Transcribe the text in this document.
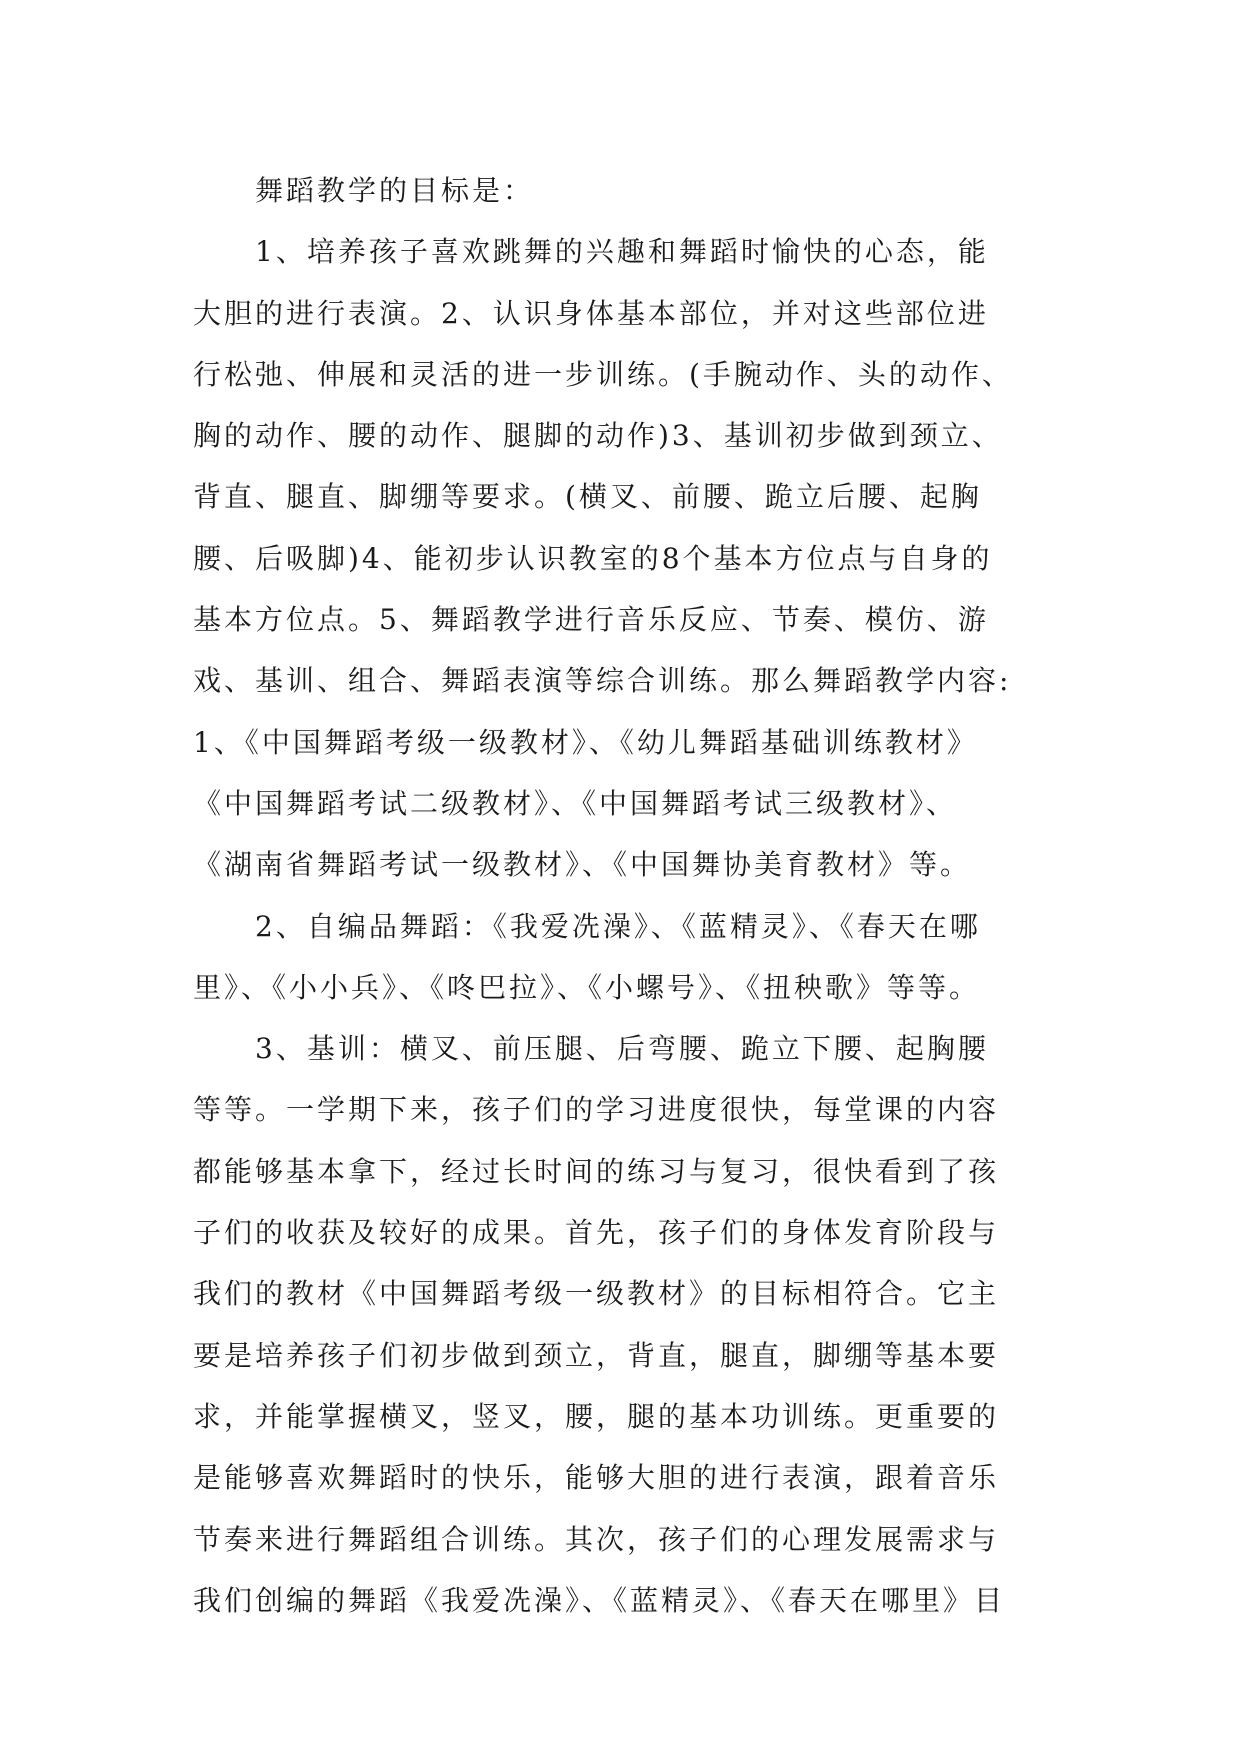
舞蹈教学的目标是：
1、培养孩子喜欢跳舞的兴趣和舞蹈时愉快的心态，能
大胆的进行表演。2、认识身体基本部位，并对这些部位进
行松弛、伸展和灵活的进一步训练。(手腕动作、头的动作、
胸的动作、腰的动作、腿脚的动作)3、基训初步做到颈立、
背直、腿直、脚绷等要求。(横叉、前腰、跪立后腰、起胸
腰、后吸脚)4、能初步认识教室的8个基本方位点与自身的
基本方位点。5、舞蹈教学进行音乐反应、节奏、模仿、游
戏、基训、组合、舞蹈表演等综合训练。那么舞蹈教学内容:
1、《中国舞蹈考级一级教材》、《幼儿舞蹈基础训练教材》
《中国舞蹈考试二级教材》、《中国舞蹈考试三级教材》、
《湖南省舞蹈考试一级教材》、《中国舞协美育教材》等。
2、自编品舞蹈：《我爱冼澡》、《蓝精灵》、《春天在哪
里》、《小小兵》、《咚巴拉》、《小螺号》、《扭秧歌》等等。
3、基训：横叉、前压腿、后弯腰、跪立下腰、起胸腰
等等。一学期下来，孩子们的学习进度很快，每堂课的内容
都能够基本拿下，经过长时间的练习与复习，很快看到了孩
子们的收获及较好的成果。首先，孩子们的身体发育阶段与
我们的教材《中国舞蹈考级一级教材》的目标相符合。它主
要是培养孩子们初步做到颈立，背直，腿直，脚绷等基本要
求，并能掌握横叉，竖叉，腰，腿的基本功训练。更重要的
是能够喜欢舞蹈时的快乐，能够大胆的进行表演，跟着音乐
节奏来进行舞蹈组合训练。其次，孩子们的心理发展需求与
我们创编的舞蹈《我爱冼澡》、《蓝精灵》、《春天在哪里》目
